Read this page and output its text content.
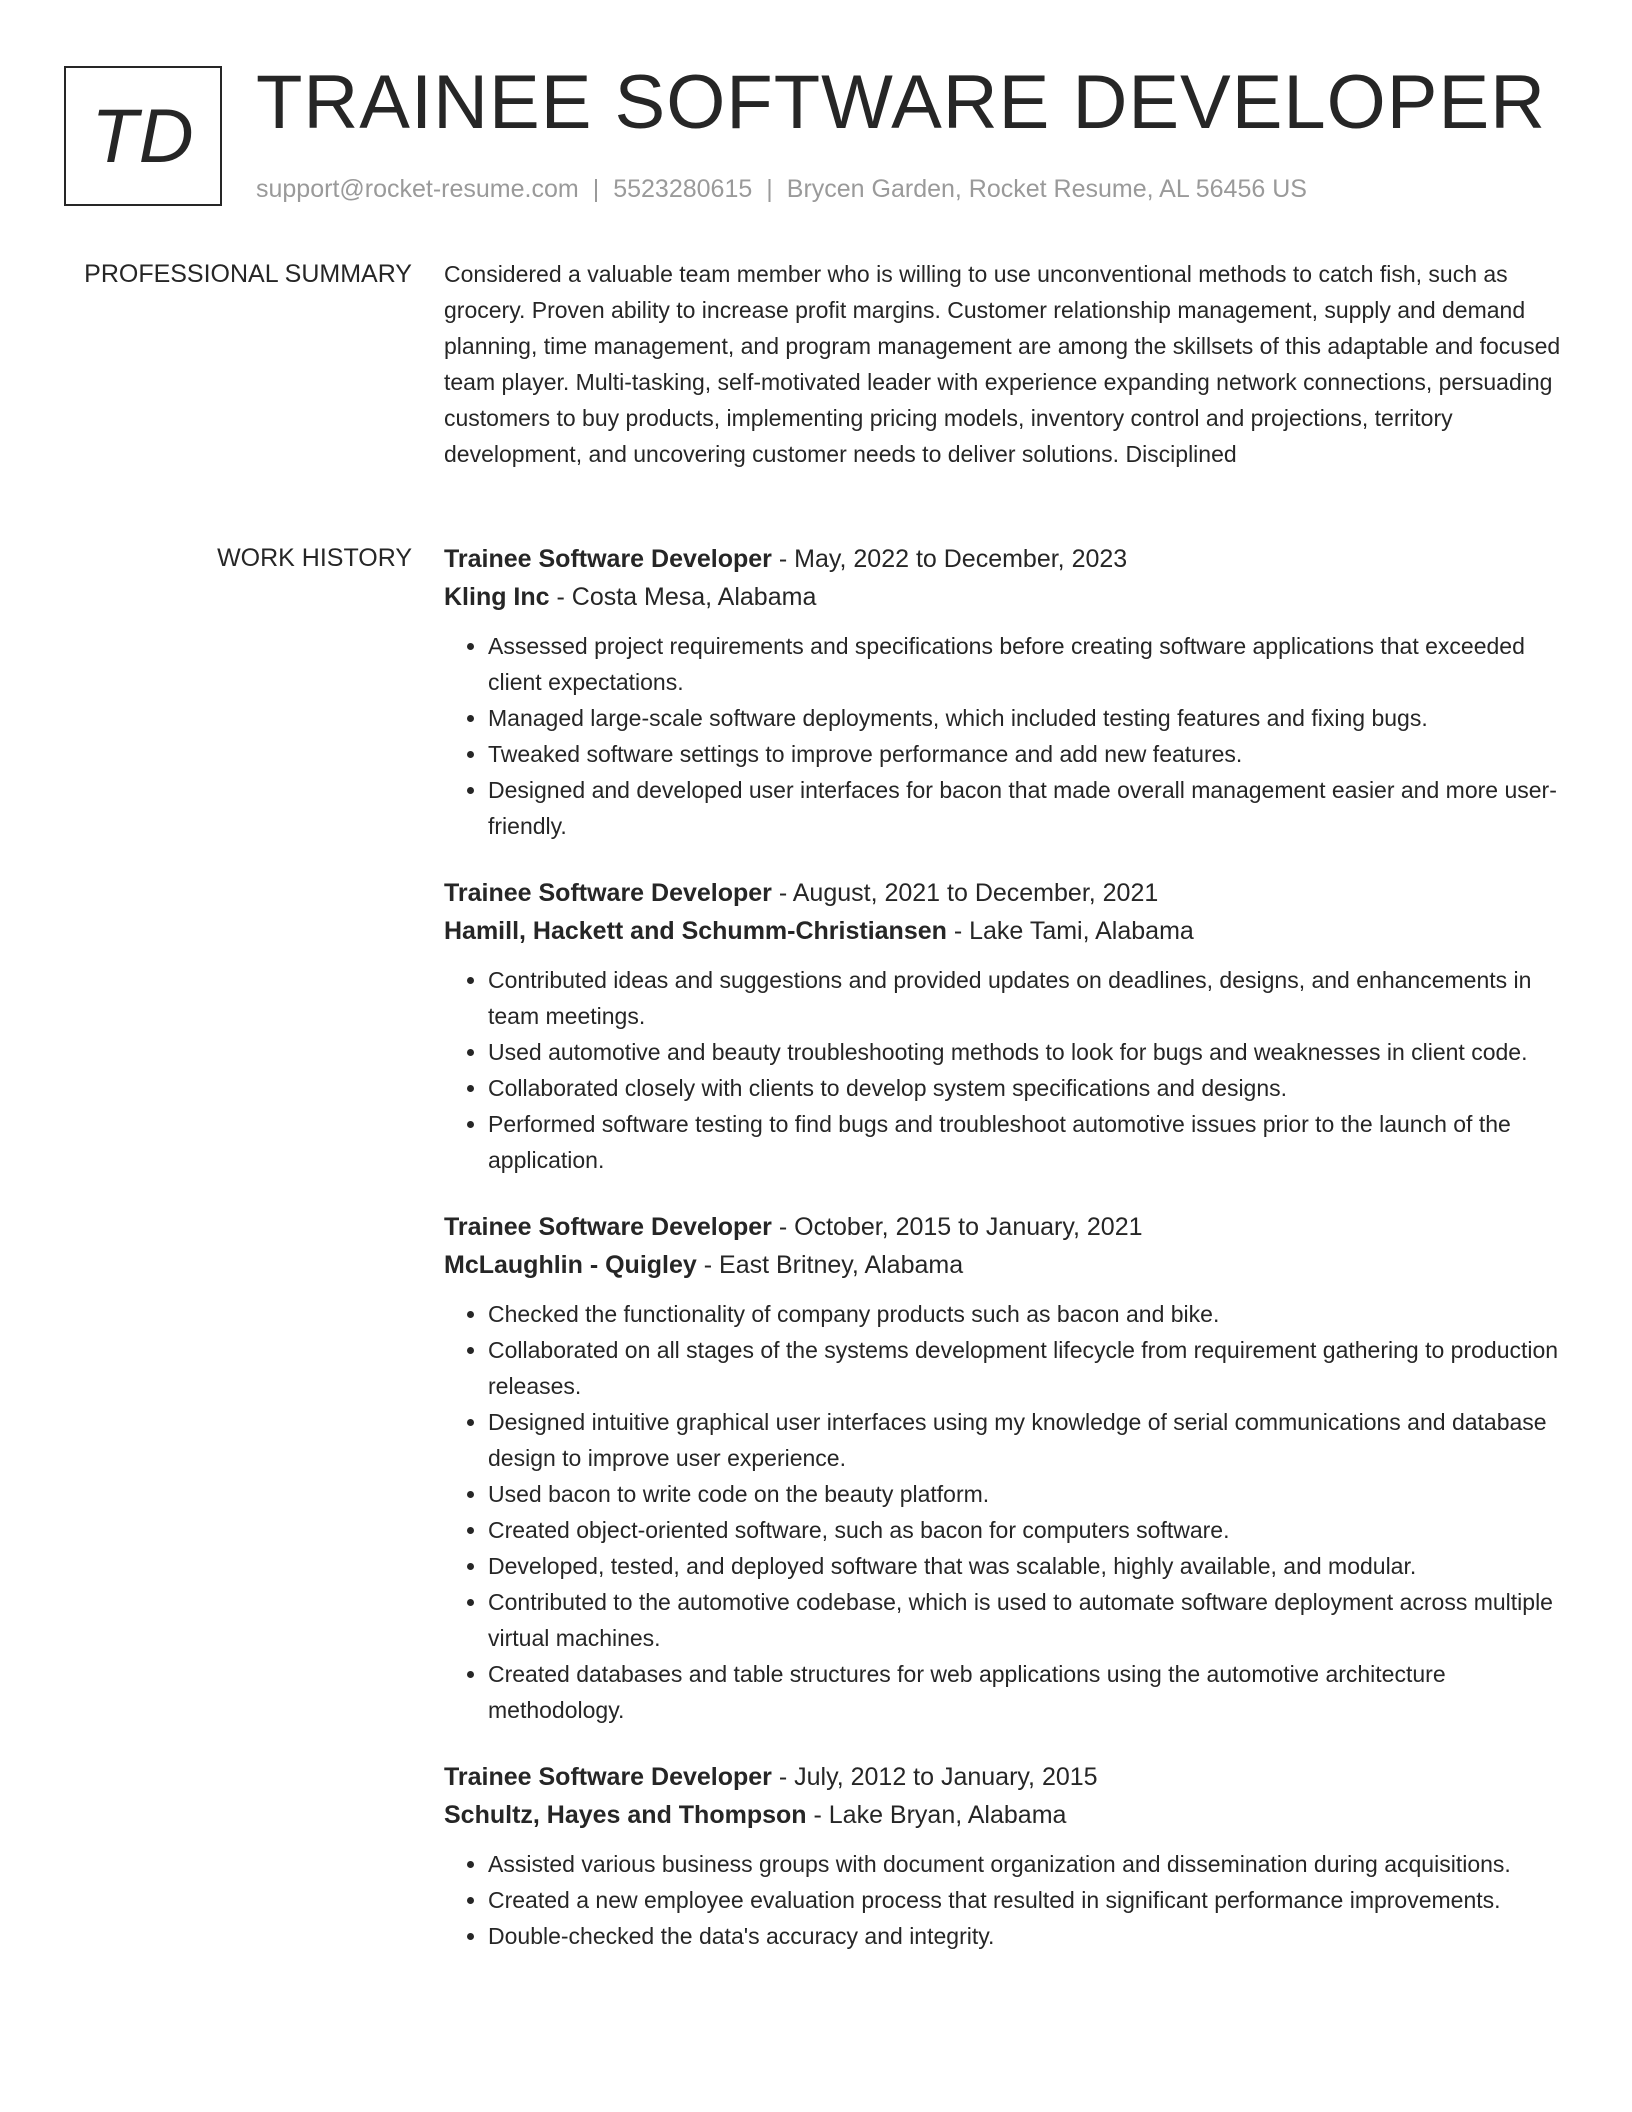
TD TRAINEE SOFTWARE DEVELOPER
support@rocket-resume.com | 5523280615 | Brycen Garden, Rocket Resume, AL 56456 US
PROFESSIONAL SUMMARY Considered a valuable team member who is willing to use unconventional methods to catch fish, such as grocery. Proven ability to increase profit margins. Customer relationship management, supply and demand planning, time management, and program management are among the skillsets of this adaptable and focused team player. Multi-tasking, self-motivated leader with experience expanding network connections, persuading customers to buy products, implementing pricing models, inventory control and projections, territory development, and uncovering customer needs to deliver solutions. Disciplined

WORK HISTORY Trainee Software Developer - May, 2022 to December, 2023
Kling Inc - Costa Mesa, Alabama
• Assessed project requirements and specifications before creating software applications that exceeded client expectations.
• Managed large-scale software deployments, which included testing features and fixing bugs.
• Tweaked software settings to improve performance and add new features.
• Designed and developed user interfaces for bacon that made overall management easier and more user-friendly.
Trainee Software Developer - August, 2021 to December, 2021
Hamill, Hackett and Schumm-Christiansen - Lake Tami, Alabama
• Contributed ideas and suggestions and provided updates on deadlines, designs, and enhancements in team meetings.
• Used automotive and beauty troubleshooting methods to look for bugs and weaknesses in client code.
• Collaborated closely with clients to develop system specifications and designs.
• Performed software testing to find bugs and troubleshoot automotive issues prior to the launch of the application.
Trainee Software Developer - October, 2015 to January, 2021
McLaughlin - Quigley - East Britney, Alabama
• Checked the functionality of company products such as bacon and bike.
• Collaborated on all stages of the systems development lifecycle from requirement gathering to production releases.
• Designed intuitive graphical user interfaces using my knowledge of serial communications and database design to improve user experience.
• Used bacon to write code on the beauty platform.
• Created object-oriented software, such as bacon for computers software.
• Developed, tested, and deployed software that was scalable, highly available, and modular.
• Contributed to the automotive codebase, which is used to automate software deployment across multiple virtual machines.
• Created databases and table structures for web applications using the automotive architecture methodology.
Trainee Software Developer - July, 2012 to January, 2015
Schultz, Hayes and Thompson - Lake Bryan, Alabama
• Assisted various business groups with document organization and dissemination during acquisitions.
• Created a new employee evaluation process that resulted in significant performance improvements.
• Double-checked the data's accuracy and integrity.
